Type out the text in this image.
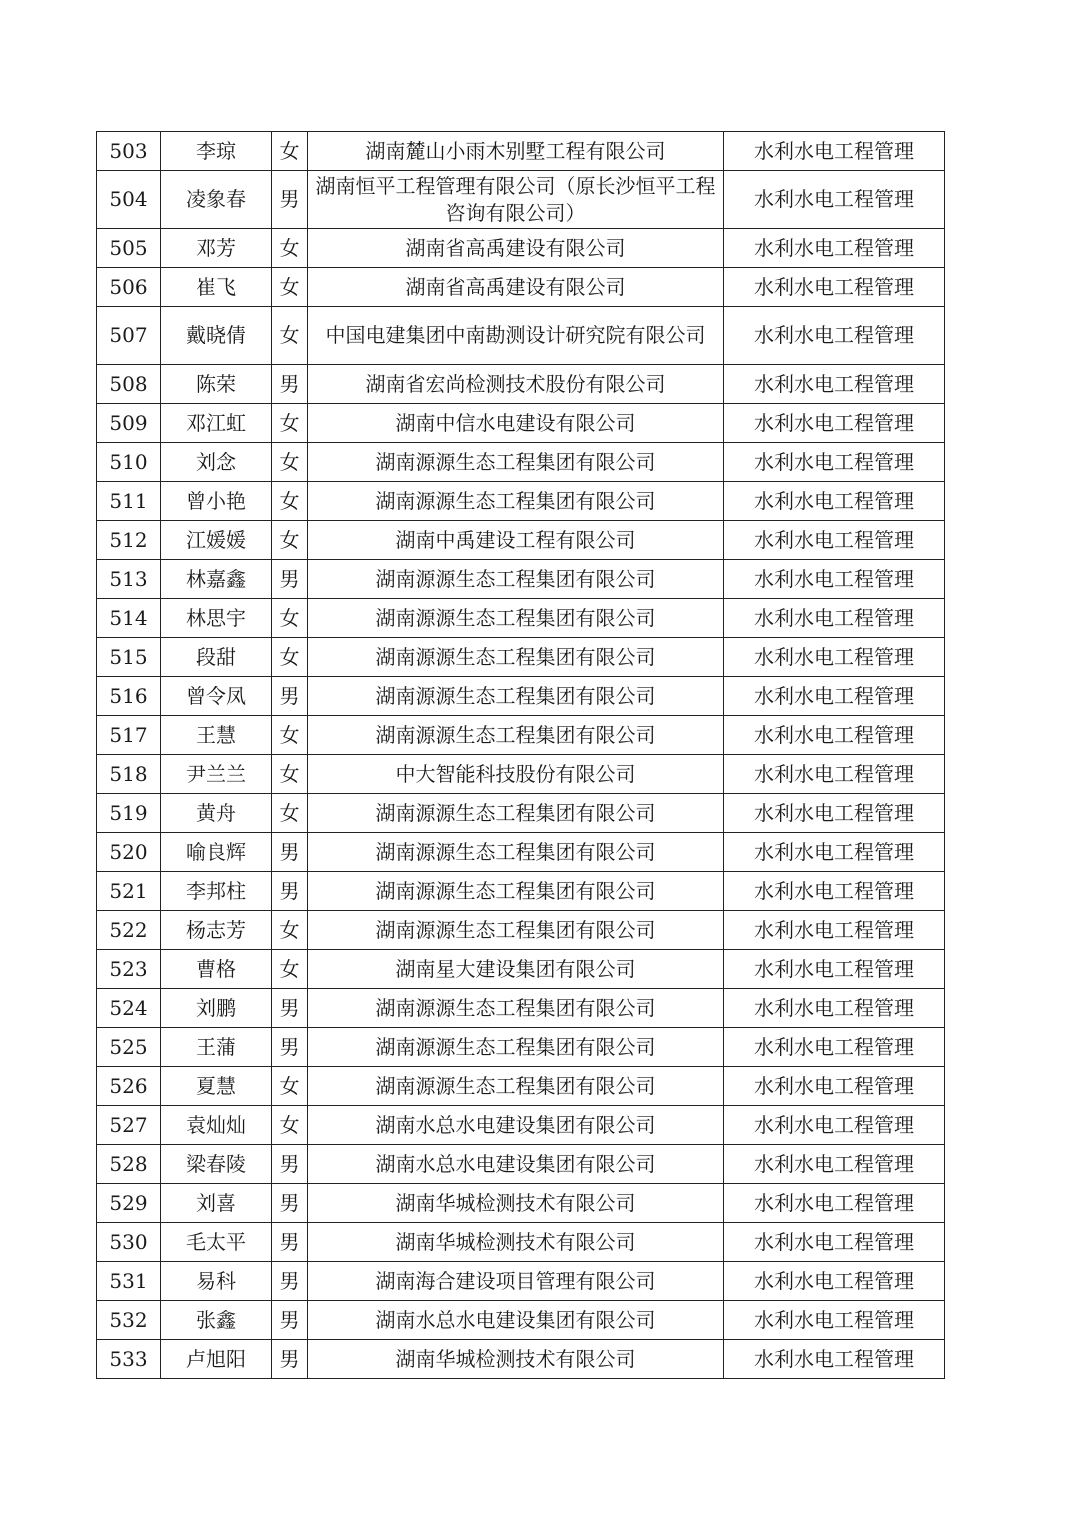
503	李琼	女	湖南麓山小雨木别墅工程有限公司	水利水电工程管理
504	凌象春	男	湖南恒平工程管理有限公司（原长沙恒平工程咨询有限公司）	水利水电工程管理
505	邓芳	女	湖南省高禹建设有限公司	水利水电工程管理
506	崔飞	女	湖南省高禹建设有限公司	水利水电工程管理
507	戴晓倩	女	中国电建集团中南勘测设计研究院有限公司	水利水电工程管理
508	陈荣	男	湖南省宏尚检测技术股份有限公司	水利水电工程管理
509	邓江虹	女	湖南中信水电建设有限公司	水利水电工程管理
510	刘念	女	湖南源源生态工程集团有限公司	水利水电工程管理
511	曾小艳	女	湖南源源生态工程集团有限公司	水利水电工程管理
512	江媛媛	女	湖南中禹建设工程有限公司	水利水电工程管理
513	林嘉鑫	男	湖南源源生态工程集团有限公司	水利水电工程管理
514	林思宇	女	湖南源源生态工程集团有限公司	水利水电工程管理
515	段甜	女	湖南源源生态工程集团有限公司	水利水电工程管理
516	曾令凤	男	湖南源源生态工程集团有限公司	水利水电工程管理
517	王慧	女	湖南源源生态工程集团有限公司	水利水电工程管理
518	尹兰兰	女	中大智能科技股份有限公司	水利水电工程管理
519	黄舟	女	湖南源源生态工程集团有限公司	水利水电工程管理
520	喻良辉	男	湖南源源生态工程集团有限公司	水利水电工程管理
521	李邦柱	男	湖南源源生态工程集团有限公司	水利水电工程管理
522	杨志芳	女	湖南源源生态工程集团有限公司	水利水电工程管理
523	曹格	女	湖南星大建设集团有限公司	水利水电工程管理
524	刘鹏	男	湖南源源生态工程集团有限公司	水利水电工程管理
525	王蒲	男	湖南源源生态工程集团有限公司	水利水电工程管理
526	夏慧	女	湖南源源生态工程集团有限公司	水利水电工程管理
527	袁灿灿	女	湖南水总水电建设集团有限公司	水利水电工程管理
528	梁春陵	男	湖南水总水电建设集团有限公司	水利水电工程管理
529	刘喜	男	湖南华城检测技术有限公司	水利水电工程管理
530	毛太平	男	湖南华城检测技术有限公司	水利水电工程管理
531	易科	男	湖南海合建设项目管理有限公司	水利水电工程管理
532	张鑫	男	湖南水总水电建设集团有限公司	水利水电工程管理
533	卢旭阳	男	湖南华城检测技术有限公司	水利水电工程管理
